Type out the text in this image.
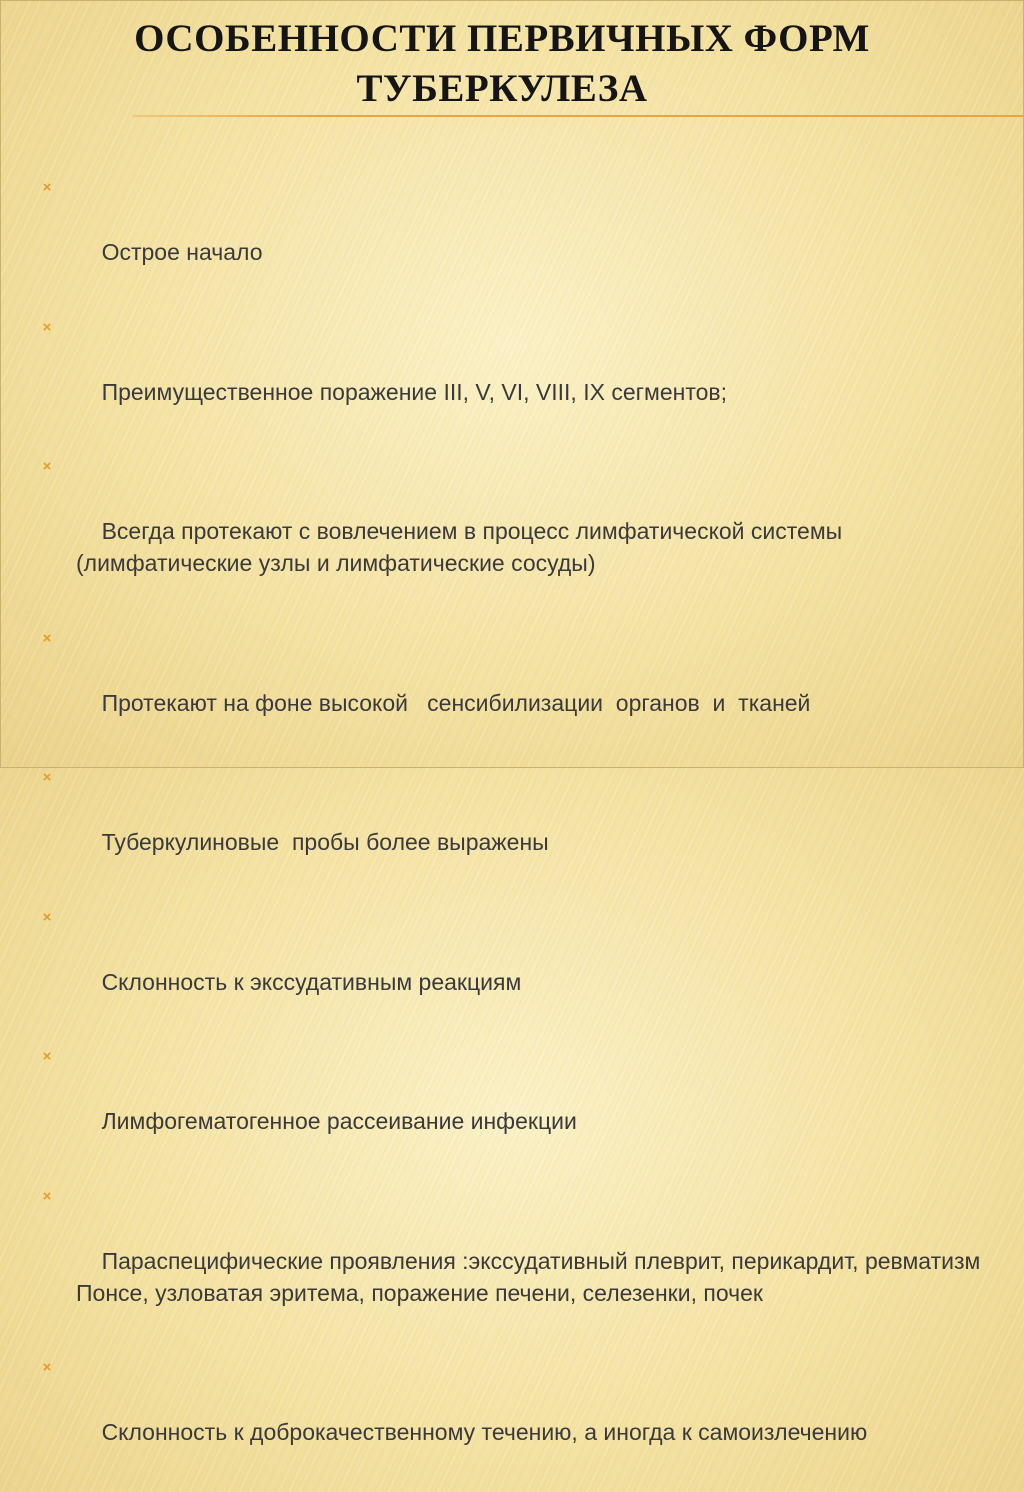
ОСОБЕННОСТИ ПЕРВИЧНЫХ ФОРМ
ТУБЕРКУЛЕЗА

×

Острое начало

×

Преимущественное поражение III, V, VI, VIII, IX сегментов;

×

Всегда протекают с вовлечением в процесс лимфатической системы (лимфатические узлы и лимфатические сосуды)

×

Протекают на фоне высокой   сенсибилизации  органов  и  тканей

×

Туберкулиновые  пробы более выражены

×

Склонность к экссудативным реакциям

×

Лимфогематогенное рассеивание инфекции

×

Параспецифические проявления :экссудативный плеврит, перикардит, ревматизм Понсе, узловатая эритема, поражение печени, селезенки, почек

×

Склонность к доброкачественному течению, а иногда к самоизлечению
